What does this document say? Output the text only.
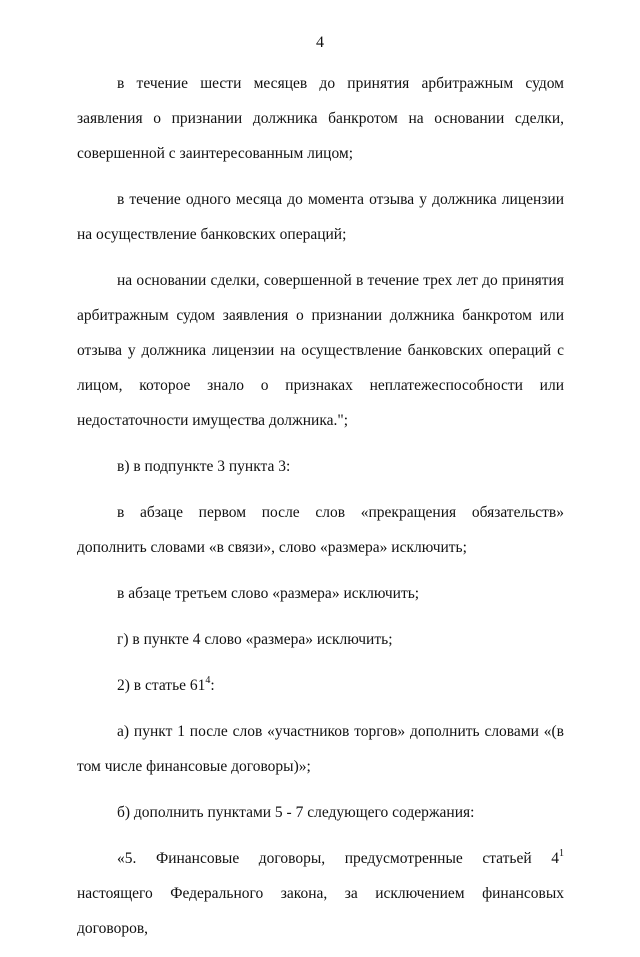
4

в течение шести месяцев до принятия арбитражным судом заявления о признании должника банкротом на основании сделки, совершенной с заинтересованным лицом;

в течение одного месяца до момента отзыва у должника лицензии на осуществление банковских операций;

на основании сделки, совершенной в течение трех лет до принятия арбитражным судом заявления о признании должника банкротом или отзыва у должника лицензии на осуществление банковских операций с лицом, которое знало о признаках неплатежеспособности или недостаточности имущества должника.";

в) в подпункте 3 пункта 3:

в абзаце первом после слов «прекращения обязательств» дополнить словами «в связи», слово «размера» исключить;

в абзаце третьем слово «размера» исключить;

г) в пункте 4 слово «размера» исключить;

2) в статье $61^4$:

а) пункт 1 после слов «участников торгов» дополнить словами «(в том числе финансовые договоры)»;

б) дополнить пунктами 5 - 7 следующего содержания:

«5. Финансовые договоры, предусмотренные статьей $4^1$ настоящего Федерального закона, за исключением финансовых договоров,
